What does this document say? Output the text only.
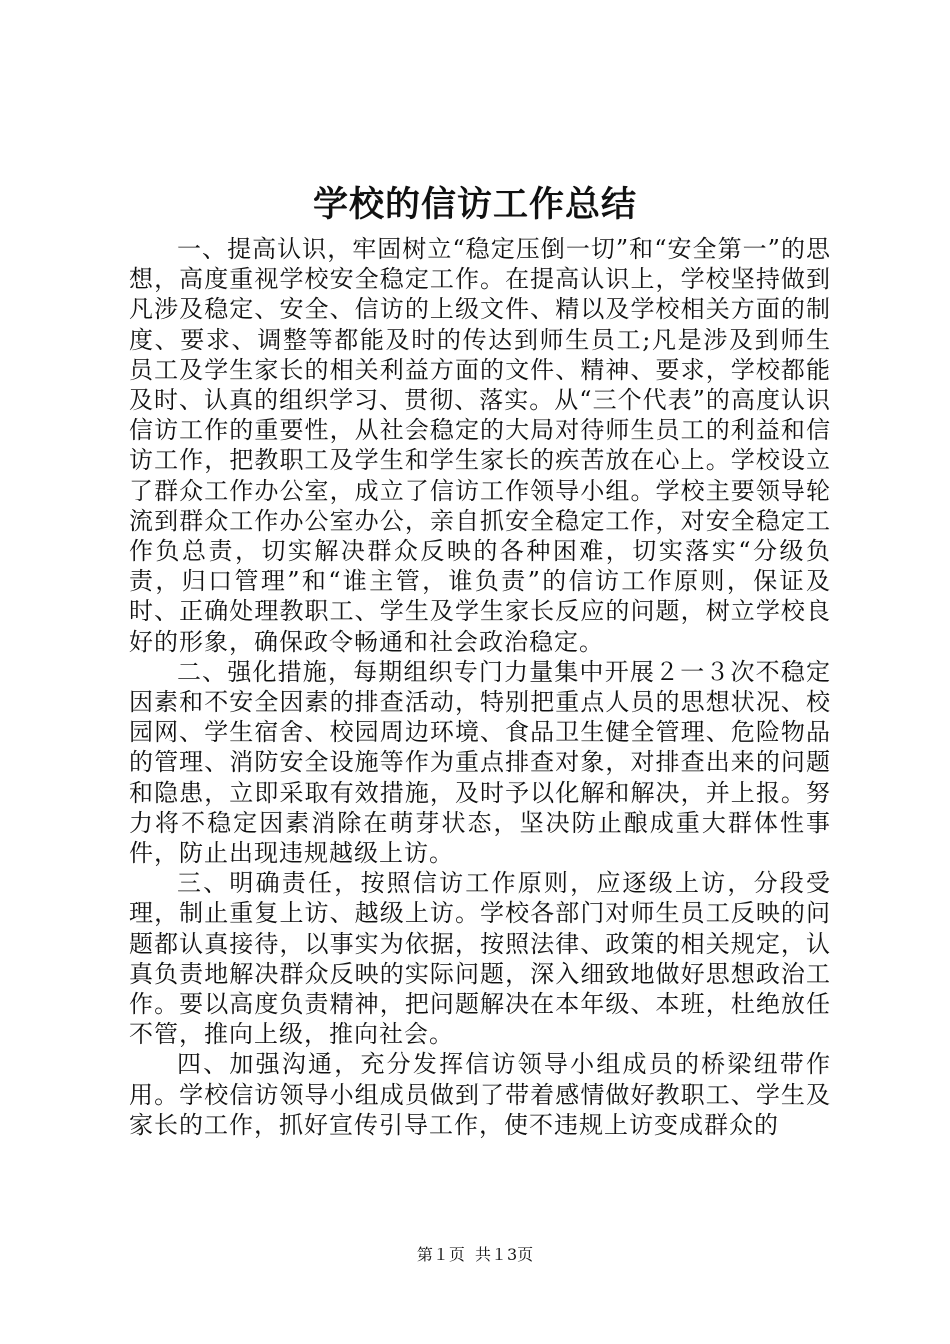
学校的信访工作总结

一、提高认识，牢固树立“稳定压倒一切”和“安全第一”的思想，高度重视学校安全稳定工作。在提高认识上，学校坚持做到凡涉及稳定、安全、信访的上级文件、精以及学校相关方面的制度、要求、调整等都能及时的传达到师生员工;凡是涉及到师生员工及学生家长的相关利益方面的文件、精神、要求，学校都能及时、认真的组织学习、贯彻、落实。从“三个代表”的高度认识信访工作的重要性，从社会稳定的大局对待师生员工的利益和信访工作，把教职工及学生和学生家长的疾苦放在心上。学校设立了群众工作办公室，成立了信访工作领导小组。学校主要领导轮流到群众工作办公室办公，亲自抓安全稳定工作，对安全稳定工作负总责，切实解决群众反映的各种困难，切实落实“分级负责，归口管理”和“谁主管，谁负责”的信访工作原则，保证及时、正确处理教职工、学生及学生家长反应的问题，树立学校良好的形象，确保政令畅通和社会政治稳定。

二、强化措施，每期组织专门力量集中开展２一３次不稳定因素和不安全因素的排查活动，特别把重点人员的思想状况、校园网、学生宿舍、校园周边环境、食品卫生健全管理、危险物品的管理、消防安全设施等作为重点排查对象，对排查出来的问题和隐患，立即采取有效措施，及时予以化解和解决，并上报。努力将不稳定因素消除在萌芽状态，坚决防止酿成重大群体性事件，防止出现违规越级上访。

三、明确责任，按照信访工作原则，应逐级上访，分段受理，制止重复上访、越级上访。学校各部门对师生员工反映的问题都认真接待，以事实为依据，按照法律、政策的相关规定，认真负责地解决群众反映的实际问题，深入细致地做好思想政治工作。要以高度负责精神，把问题解决在本年级、本班，杜绝放任不管，推向上级，推向社会。

四、加强沟通，充分发挥信访领导小组成员的桥梁纽带作用。学校信访领导小组成员做到了带着感情做好教职工、学生及家长的工作，抓好宣传引导工作，使不违规上访变成群众的

第１页 共１3页
